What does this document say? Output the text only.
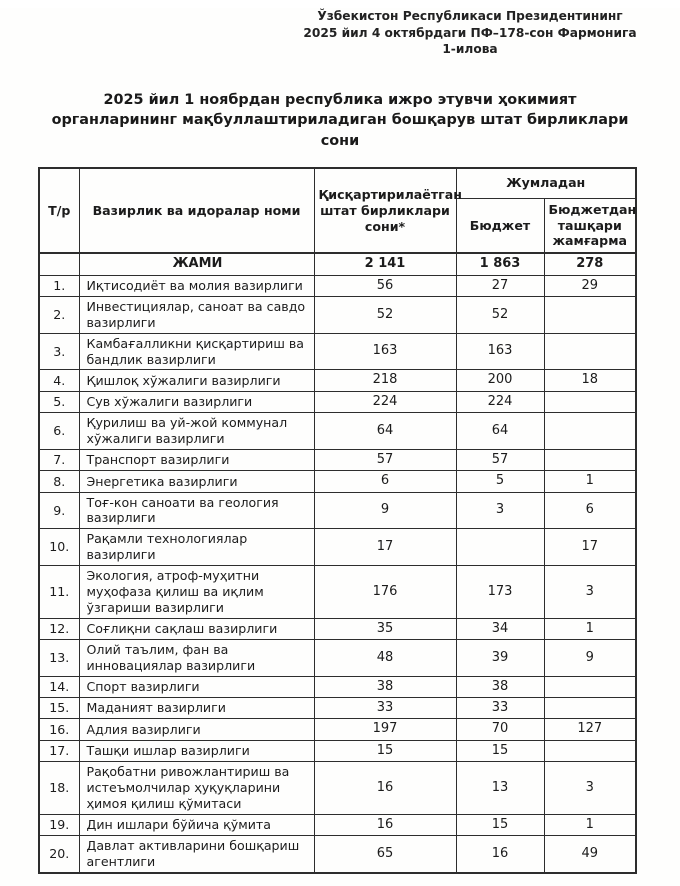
Ўзбекистон Республикаси Президентининг
2025 йил 4 октябрдаги ПФ–178-сон Фармонига
1-илова
2025 йил 1 ноябрдан республика ижро этувчи ҳокимият органларининг мақбуллаштириладиган бошқарув штат бирликлари сони
Т/р	Вазирлик ва идоралар номи	Қисқартирилаётган штат бирликлари сони*	Жумладан	
			Бюджет	Бюджетдан ташқари жамғарма
	ЖАМИ	2 141	1 863	278
1.	Иқтисодиёт ва молия вазирлиги	56	27	29
2.	Инвестициялар, саноат ва савдо вазирлиги	52	52	
3.	Камбағалликни қисқартириш ва бандлик вазирлиги	163	163	
4.	Қишлоқ хўжалиги вазирлиги	218	200	18
5.	Сув хўжалиги вазирлиги	224	224	
6.	Қурилиш ва уй-жой коммунал хўжалиги вазирлиги	64	64	
7.	Транспорт вазирлиги	57	57	
8.	Энергетика вазирлиги	6	5	1
9.	Тоғ-кон саноати ва геология вазирлиги	9	3	6
10.	Рақамли технологиялар вазирлиги	17		17
11.	Экология, атроф-муҳитни муҳофаза қилиш ва иқлим ўзгариши вазирлиги	176	173	3
12.	Соғлиқни сақлаш вазирлиги	35	34	1
13.	Олий таълим, фан ва инновациялар вазирлиги	48	39	9
14.	Спорт вазирлиги	38	38	
15.	Маданият вазирлиги	33	33	
16.	Адлия вазирлиги	197	70	127
17.	Ташқи ишлар вазирлиги	15	15	
18.	Рақобатни ривожлантириш ва истеъмолчилар ҳуқуқларини ҳимоя қилиш қўмитаси	16	13	3
19.	Дин ишлари бўйича қўмита	16	15	1
20.	Давлат активларини бошқариш агентлиги	65	16	49
